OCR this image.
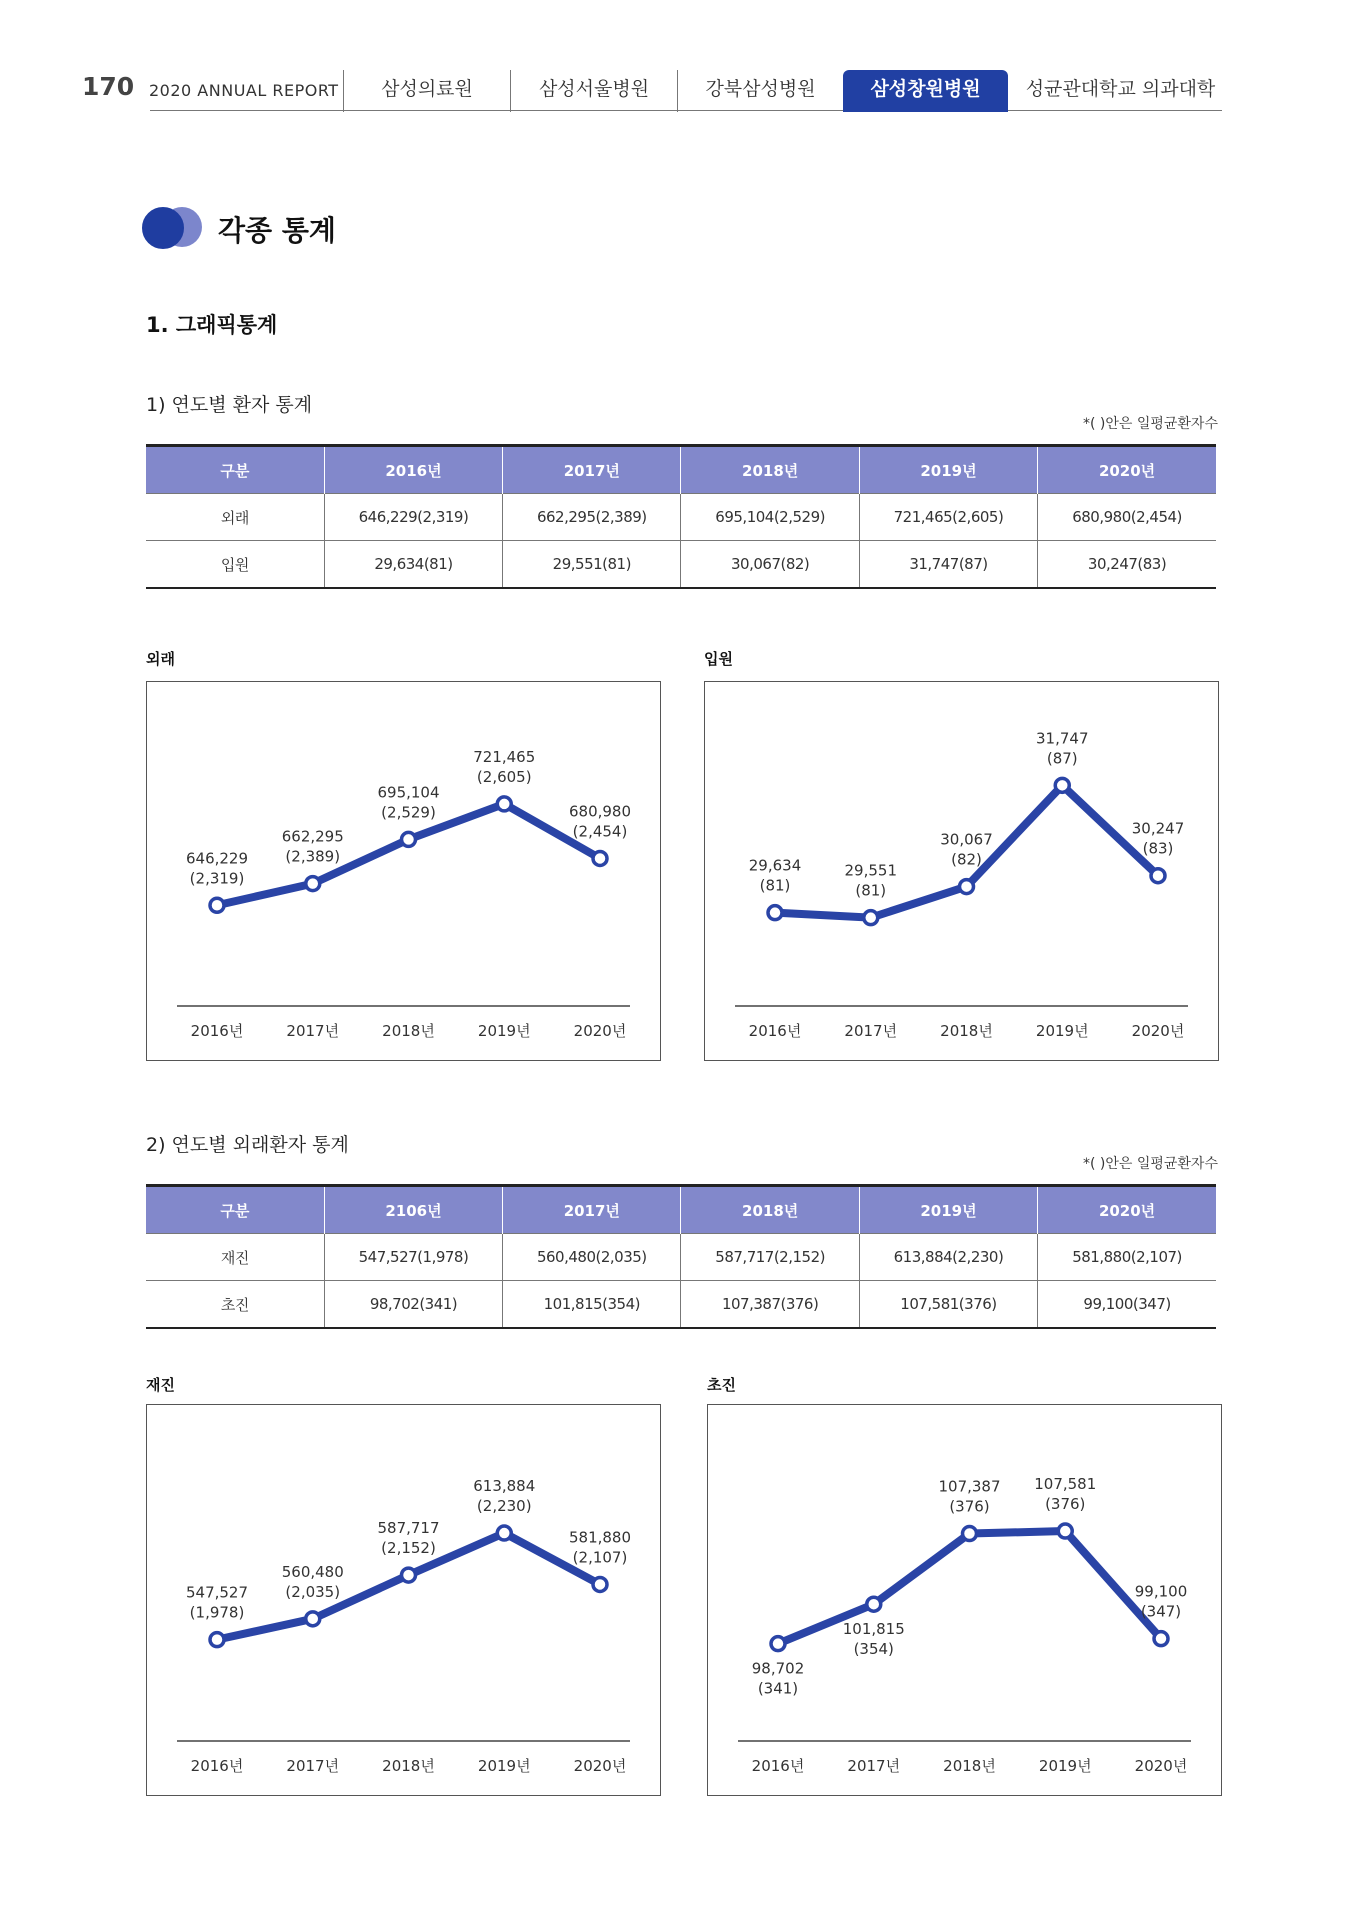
170 2020 ANNUAL REPORT	삼성의료원	삼성서울병원	강북삼성병원	삼성창원병원	성균관대학교 의과대학
각종 통계
1. 그래픽통계
1) 연도별 환자 통계
*( )안은 일평균환자수
구분	2016년	2017년	2018년	2019년	2020년
외래	646,229(2,319)	662,295(2,389)	695,104(2,529)	721,465(2,605)	680,980(2,454)
입원	29,634(81)	29,551(81)	30,067(82)	31,747(87)	30,247(83)
외래
646,229
(2,319)
2016년
662,295
(2,389)
2017년
695,104
(2,529)
2018년
721,465
(2,605)
2019년
680,980
(2,454)
2020년
입원
29,634
(81)
2016년
29,551
(81)
2017년
30,067
(82)
2018년
31,747
(87)
2019년
30,247
(83)
2020년
2) 연도별 외래환자 통계
*( )안은 일평균환자수
구분	2106년	2017년	2018년	2019년	2020년
재진	547,527(1,978)	560,480(2,035)	587,717(2,152)	613,884(2,230)	581,880(2,107)
초진	98,702(341)	101,815(354)	107,387(376)	107,581(376)	99,100(347)
재진
547,527
(1,978)
2016년
560,480
(2,035)
2017년
587,717
(2,152)
2018년
613,884
(2,230)
2019년
581,880
(2,107)
2020년
초진
98,702
(341)
2016년
101,815
(354)
2017년
107,387
(376)
2018년
107,581
(376)
2019년
99,100
(347)
2020년
